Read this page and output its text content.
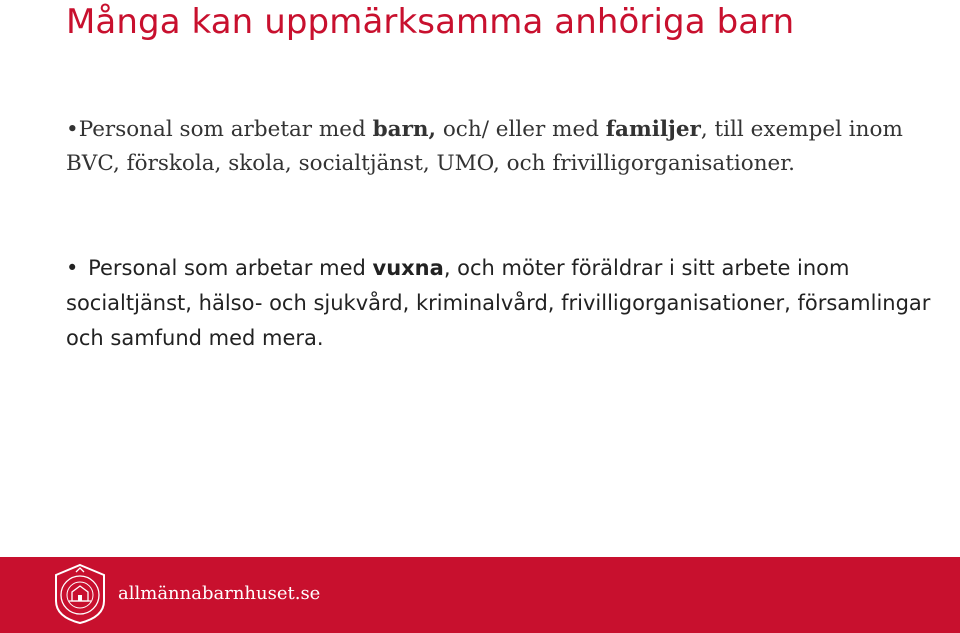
Många kan uppmärksamma anhöriga barn
•Personal som arbetar med barn, och/ eller med familjer, till exempel inom BVC, förskola, skola, socialtjänst, UMO, och frivilligorganisationer.
• Personal som arbetar med vuxna, och möter föräldrar i sitt arbete inom socialtjänst, hälso- och sjukvård, kriminalvård, frivilligorganisationer, församlingar och samfund med mera.
allmännabarnhuset.se
